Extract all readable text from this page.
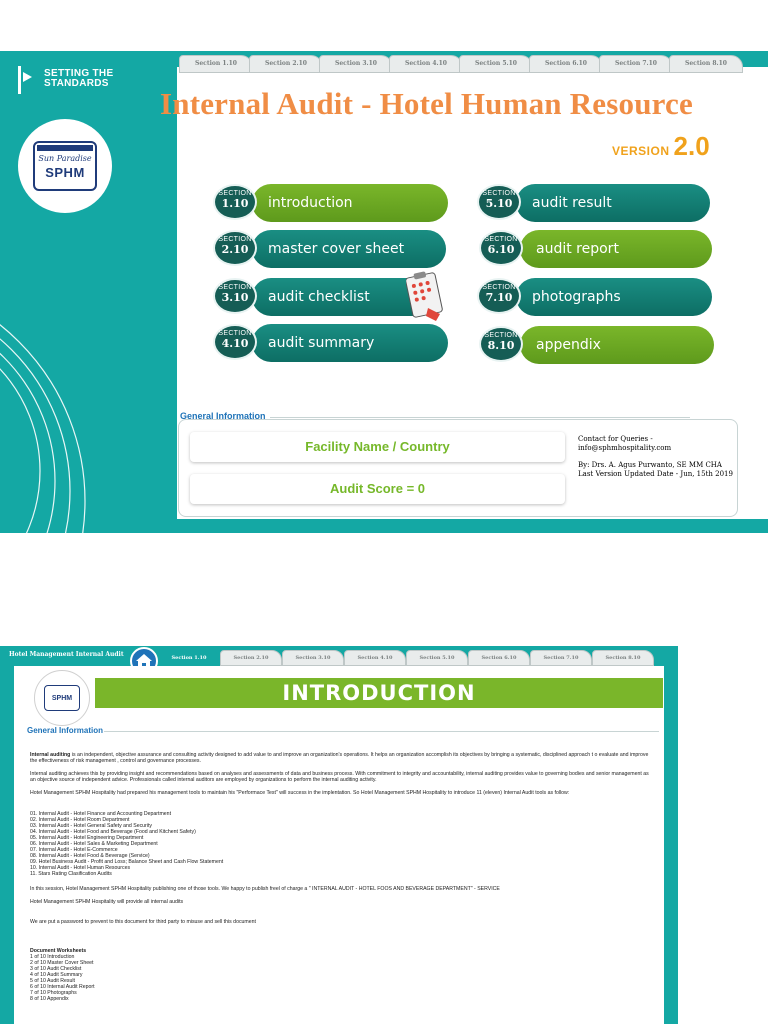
SETTING THE
STANDARDS
Sun Paradise
SPHM
Section 1.10	Section 2.10	Section 3.10	Section 4.10	Section 5.10	Section 6.10	Section 7.10	Section 8.10
Internal Audit - Hotel Human Resource
VERSION 2.0
introduction
SECTION
1.10
master cover sheet
SECTION
2.10
audit checklist
SECTION
3.10
audit summary
SECTION
4.10
audit result
SECTION
5.10
audit report
SECTION
6.10
photographs
SECTION
7.10
appendix
SECTION
8.10
General Information
Facility Name / Country
Audit Score = 0
Contact for Queries -
info@sphmhospitality.com
By: Drs. A. Agus Purwanto, SE MM CHA
Last Version Updated Date - Jun, 15th 2019
Hotel Management Internal Audit	Section 1.10	Section 2.10	Section 3.10	Section 4.10	Section 5.10	Section 6.10	Section 7.10	Section 8.10
SPHM	INTRODUCTION
General Information
Internal auditing is an independent, objective assurance and consulting activity designed to add value to and improve an organization's operations. It helps an organization accomplish its objectives by bringing a systematic, disciplined approach t o evaluate and improve the effectiveness of risk management , control and governance processes.
Internal auditing achieves this by providing insight and recommendations based on analyses and assessments of data and business process. With commitment to integrity and accountability, internal auditing provides value to governing bodies and senior management as an objective source of independent advice. Professionals called internal auditors are employed by organizations to perform the internal auditing activity.
Hotel Management SPHM Hospitality had prepared his management tools to maintain his "Performace Test" will success in the implentation. So Hotel Management SPHM Hospitality to introduce 11 (eleven) Internal Audit tools as follow:
01. Internal Audit - Hotel Finance and Accounting Department
02. Internal Audit - Hotel Room Department
03. Internal Audit - Hotel General Safety and Security
04. Internal Audit - Hotel Food and Beverage (Food and Kitchent Safety)
05. Internal Audit - Hotel Engineering Department
06. Internal Audit - Hotel Sales & Marketing Department
07. Internal Audit - Hotel E-Commerce
08. Internal Audit - Hotel Food & Beverage (Service)
09. Hotel Business Audit - Profit and Loss; Balance Sheet and Cash Flow Statement
10. Internal Audit - Hotel Human Resources
11. Stars Rating Clasification Audits
In this session, Hotel Management SPHM Hospitality publishing one of those tools. We happy to publish freel of charge a " INTERNAL AUDIT - HOTEL FOOS AND BEVERAGE DEPARTMENT" - SERVICE
Hotel Management SPHM Hospitality will provide all internal audits
We are put a password to prevent to this document for third party to misuse and sell this document
Document Worksheets
1 of 10 Introduction
2 of 10 Master Cover Sheet
3 of 10 Audit Checklist
4 of 10 Audit Summary
5 of 10 Audit Result
6 of 10 Internal Audit Report
7 of 10 Photographs
8 of 10 Appendix
